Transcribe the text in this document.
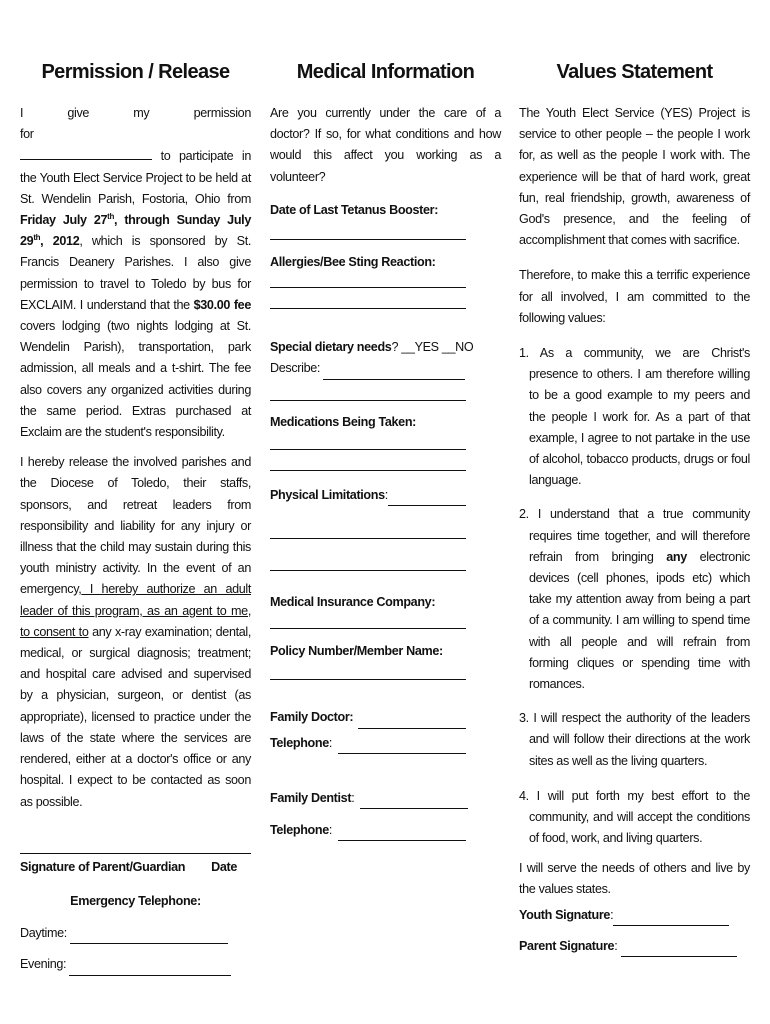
Permission / Release

I give my permission for
to participate in the Youth Elect Service Project to be held at St. Wendelin Parish, Fostoria, Ohio from Friday July 27th, through Sunday July 29th, 2012, which is sponsored by St. Francis Deanery Parishes. I also give permission to travel to Toledo by bus for EXCLAIM. I understand that the $30.00 fee covers lodging (two nights lodging at St. Wendelin Parish), transportation, park admission, all meals and a t-shirt. The fee also covers any organized activities during the same period. Extras purchased at Exclaim are the student's responsibility.

I hereby release the involved parishes and the Diocese of Toledo, their staffs, sponsors, and retreat leaders from responsibility and liability for any injury or illness that the child may sustain during this youth ministry activity. In the event of an emergency, I hereby authorize an adult leader of this program, as an agent to me, to consent to any x-ray examination; dental, medical, or surgical diagnosis; treatment; and hospital care advised and supervised by a physician, surgeon, or dentist (as appropriate), licensed to practice under the laws of the state where the services are rendered, either at a doctor's office or any hospital. I expect to be contacted as soon as possible.

Signature of Parent/Guardian Date
Emergency Telephone:
Daytime:
Evening:
Medical Information

Are you currently under the care of a doctor? If so, for what conditions and how would this affect you working as a volunteer?

Date of Last Tetanus Booster:
Allergies/Bee Sting Reaction:
Special dietary needs? __YES __NO
Describe:
Medications Being Taken:
Physical Limitations :
Medical Insurance Company:
Policy Number/Member Name:
Family Doctor:
Telephone :
Family Dentist :
Telephone :
Values Statement

The Youth Elect Service (YES) Project is service to other people – the people I work for, as well as the people I work with. The experience will be that of hard work, great fun, real friendship, growth, awareness of God's presence, and the feeling of accomplishment that comes with sacrifice.

Therefore, to make this a terrific experience for all involved, I am committed to the following values:

1. As a community, we are Christ's presence to others. I am therefore willing to be a good example to my peers and the people I work for. As a part of that example, I agree to not partake in the use of alcohol, tobacco products, drugs or foul language.

2. I understand that a true community requires time together, and will therefore refrain from bringing any electronic devices (cell phones, ipods etc) which take my attention away from being a part of a community. I am willing to spend time with all people and will refrain from forming cliques or spending time with romances.

3. I will respect the authority of the leaders and will follow their directions at the work sites as well as the living quarters.

4. I will put forth my best effort to the community, and will accept the conditions of food, work, and living quarters.

I will serve the needs of others and live by the values states.

Youth Signature :
Parent Signature :
